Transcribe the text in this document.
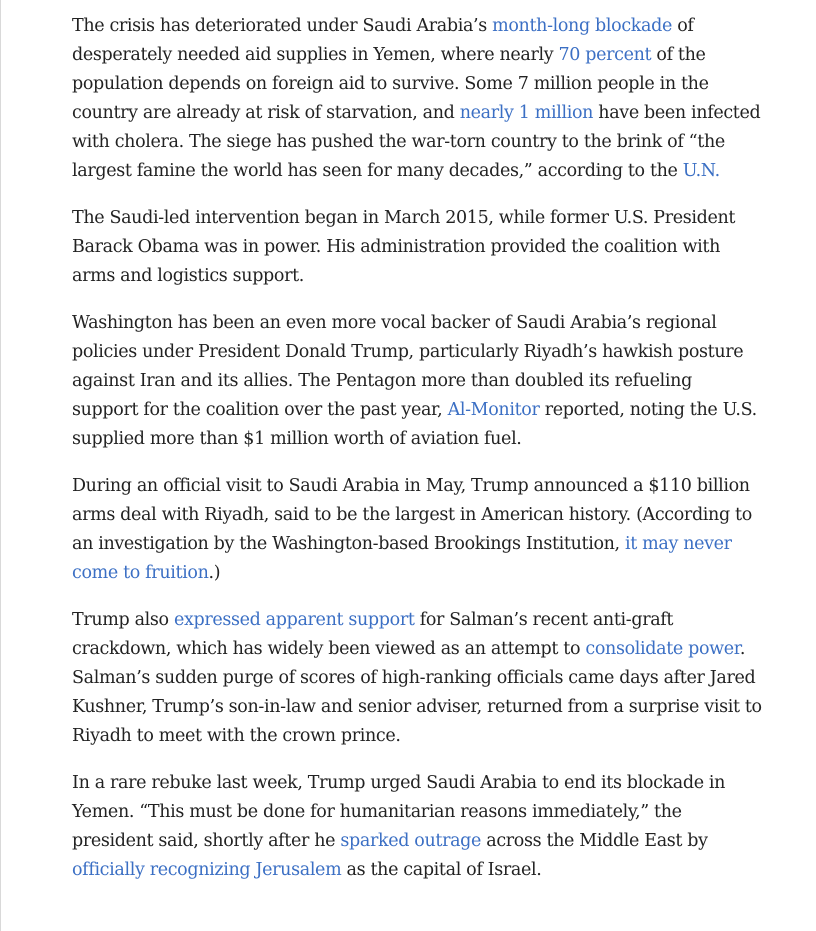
The crisis has deteriorated under Saudi Arabia’s month-long blockade of desperately needed aid supplies in Yemen, where nearly 70 percent of the population depends on foreign aid to survive. Some 7 million people in the country are already at risk of starvation, and nearly 1 million have been infected with cholera. The siege has pushed the war-torn country to the brink of “the largest famine the world has seen for many decades,” according to the U.N.

The Saudi-led intervention began in March 2015, while former U.S. President Barack Obama was in power. His administration provided the coalition with arms and logistics support.

Washington has been an even more vocal backer of Saudi Arabia’s regional policies under President Donald Trump, particularly Riyadh’s hawkish posture against Iran and its allies. The Pentagon more than doubled its refueling support for the coalition over the past year, Al-Monitor reported, noting the U.S. supplied more than $1 million worth of aviation fuel.

During an official visit to Saudi Arabia in May, Trump announced a $110 billion arms deal with Riyadh, said to be the largest in American history. (According to an investigation by the Washington-based Brookings Institution, it may never come to fruition.)

Trump also expressed apparent support for Salman’s recent anti-graft crackdown, which has widely been viewed as an attempt to consolidate power. Salman’s sudden purge of scores of high-ranking officials came days after Jared Kushner, Trump’s son-in-law and senior adviser, returned from a surprise visit to Riyadh to meet with the crown prince.

In a rare rebuke last week, Trump urged Saudi Arabia to end its blockade in Yemen. “This must be done for humanitarian reasons immediately,” the president said, shortly after he sparked outrage across the Middle East by officially recognizing Jerusalem as the capital of Israel.
